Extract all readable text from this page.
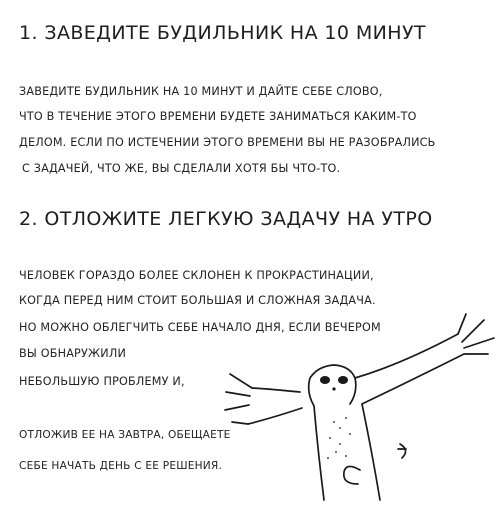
1. ЗАВЕДИТЕ БУДИЛЬНИК НА 10 МИНУТ

ЗАВЕДИТЕ БУДИЛЬНИК НА 10 МИНУТ И ДАЙТЕ СЕБЕ СЛОВО,

ЧТО В ТЕЧЕНИЕ ЭТОГО ВРЕМЕНИ БУДЕТЕ ЗАНИМАТЬСЯ КАКИМ-ТО

ДЕЛОМ. ЕСЛИ ПО ИСТЕЧЕНИИ ЭТОГО ВРЕМЕНИ ВЫ НЕ РАЗОБРАЛИСЬ

С ЗАДАЧЕЙ, ЧТО ЖЕ, ВЫ СДЕЛАЛИ ХОТЯ БЫ ЧТО-ТО.

2. ОТЛОЖИТЕ ЛЕГКУЮ ЗАДАЧУ НА УТРО

ЧЕЛОВЕК ГОРАЗДО БОЛЕЕ СКЛОНЕН К ПРОКРАСТИНАЦИИ,

КОГДА ПЕРЕД НИМ СТОИТ БОЛЬШАЯ И СЛОЖНАЯ ЗАДАЧА.

НО МОЖНО ОБЛЕГЧИТЬ СЕБЕ НАЧАЛО ДНЯ, ЕСЛИ ВЕЧЕРОМ

ВЫ ОБНАРУЖИЛИ

НЕБОЛЬШУЮ ПРОБЛЕМУ И,

ОТЛОЖИВ ЕЕ НА ЗАВТРА, ОБЕЩАЕТЕ

СЕБЕ НАЧАТЬ ДЕНЬ С ЕЕ РЕШЕНИЯ.
